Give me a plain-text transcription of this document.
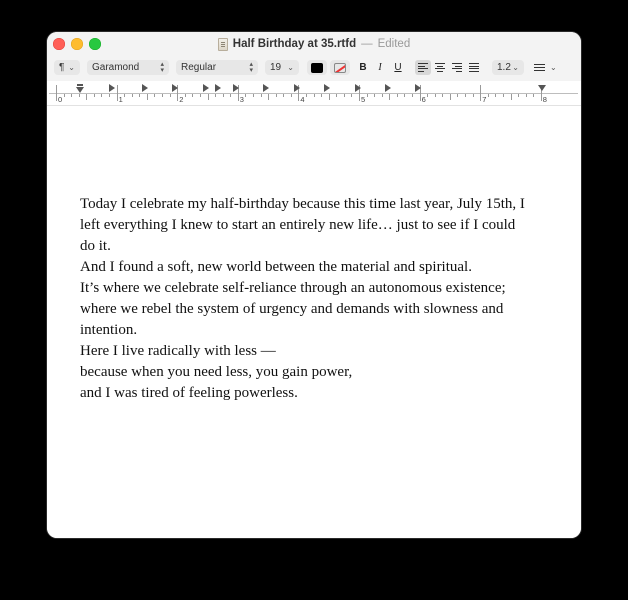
Half Birthday at 35.rtfd — Edited
¶ ⌄ Garamond	▴
▾ Regular	▴
▾ 19 ⌄	B	I	U	1.2 ⌄	⌄
0	1	2	3	4	5	6	7	8

Today I celebrate my half-birthday because this time last year, July 15th, I

left everything I knew to start an entirely new life… just to see if I could

do it.

And I found a soft, new world between the material and spiritual.

It’s where we celebrate self-reliance through an autonomous existence;

where we rebel the system of urgency and demands with slowness and

intention.

Here I live radically with less —

because when you need less, you gain power,

and I was tired of feeling powerless.
